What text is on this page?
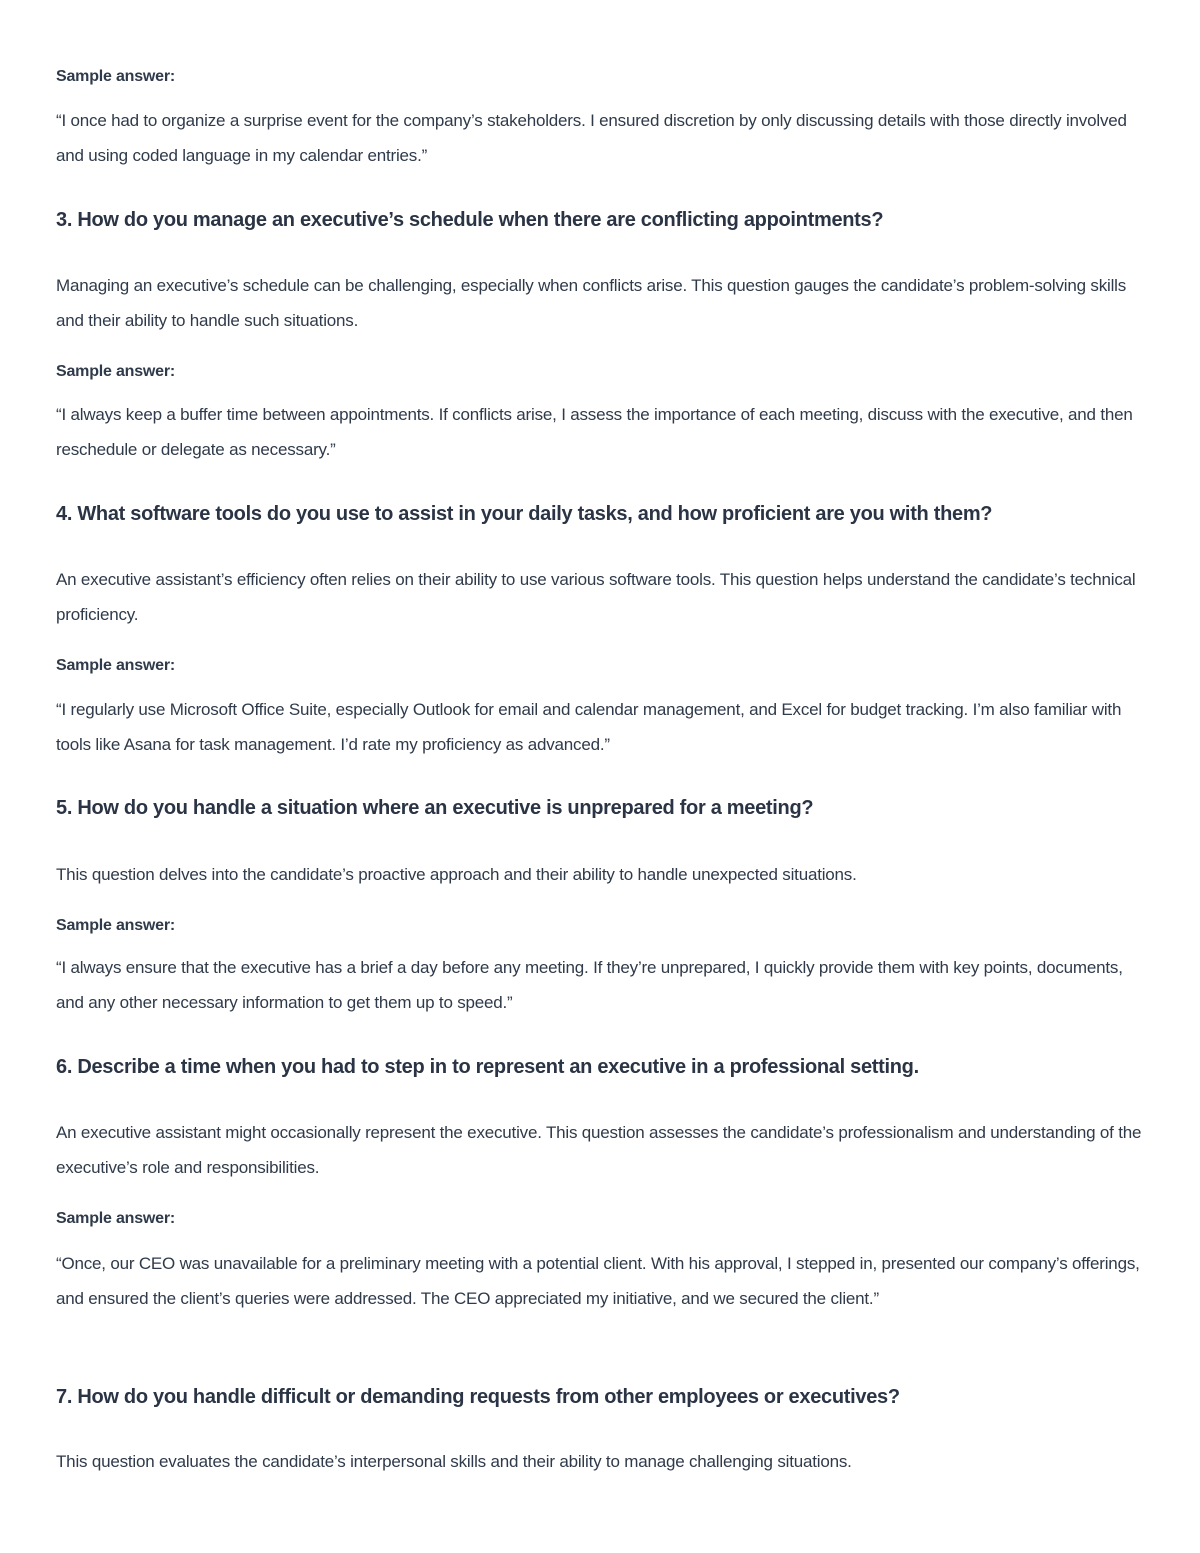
Sample answer:
“I once had to organize a surprise event for the company’s stakeholders. I ensured discretion by only discussing details with those directly involved and using coded language in my calendar entries.”
3. How do you manage an executive’s schedule when there are conflicting appointments?
Managing an executive’s schedule can be challenging, especially when conflicts arise. This question gauges the candidate’s problem-solving skills and their ability to handle such situations.
Sample answer:
“I always keep a buffer time between appointments. If conflicts arise, I assess the importance of each meeting, discuss with the executive, and then reschedule or delegate as necessary.”
4. What software tools do you use to assist in your daily tasks, and how proficient are you with them?
An executive assistant’s efficiency often relies on their ability to use various software tools. This question helps understand the candidate’s technical proficiency.
Sample answer:
“I regularly use Microsoft Office Suite, especially Outlook for email and calendar management, and Excel for budget tracking. I’m also familiar with tools like Asana for task management. I’d rate my proficiency as advanced.”
5. How do you handle a situation where an executive is unprepared for a meeting?
This question delves into the candidate’s proactive approach and their ability to handle unexpected situations.
Sample answer:
“I always ensure that the executive has a brief a day before any meeting. If they’re unprepared, I quickly provide them with key points, documents, and any other necessary information to get them up to speed.”
6. Describe a time when you had to step in to represent an executive in a professional setting.
An executive assistant might occasionally represent the executive. This question assesses the candidate’s professionalism and understanding of the executive’s role and responsibilities.
Sample answer:
“Once, our CEO was unavailable for a preliminary meeting with a potential client. With his approval, I stepped in, presented our company’s offerings, and ensured the client’s queries were addressed. The CEO appreciated my initiative, and we secured the client.”
7. How do you handle difficult or demanding requests from other employees or executives?
This question evaluates the candidate’s interpersonal skills and their ability to manage challenging situations.
